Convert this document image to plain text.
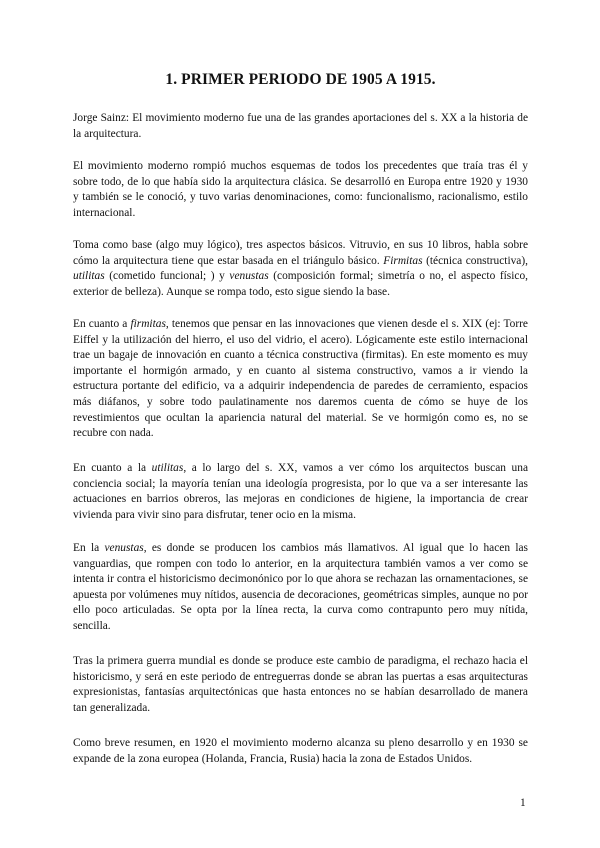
1. PRIMER PERIODO DE 1905 A 1915.

Jorge Sainz: El movimiento moderno fue una de las grandes aportaciones del s. XX a la historia de la arquitectura.

El movimiento moderno rompió muchos esquemas de todos los precedentes que traía tras él y sobre todo, de lo que había sido la arquitectura clásica. Se desarrolló en Europa entre 1920 y 1930 y también se le conoció, y tuvo varias denominaciones, como: funcionalismo, racionalismo, estilo internacional.

Toma como base (algo muy lógico), tres aspectos básicos. Vitruvio, en sus 10 libros, habla sobre cómo la arquitectura tiene que estar basada en el triángulo básico. Firmitas (técnica constructiva), utilitas (cometido funcional; ) y venustas (composición formal; simetría o no, el aspecto físico, exterior de belleza). Aunque se rompa todo, esto sigue siendo la base.

En cuanto a firmitas, tenemos que pensar en las innovaciones que vienen desde el s. XIX (ej: Torre Eiffel y la utilización del hierro, el uso del vidrio, el acero). Lógicamente este estilo internacional trae un bagaje de innovación en cuanto a técnica constructiva (firmitas). En este momento es muy importante el hormigón armado, y en cuanto al sistema constructivo, vamos a ir viendo la estructura portante del edificio, va a adquirir independencia de paredes de cerramiento, espacios más diáfanos, y sobre todo paulatinamente nos daremos cuenta de cómo se huye de los revestimientos que ocultan la apariencia natural del material. Se ve hormigón como es, no se recubre con nada.

En cuanto a la utilitas, a lo largo del s. XX, vamos a ver cómo los arquitectos buscan una conciencia social; la mayoría tenían una ideología progresista, por lo que va a ser interesante las actuaciones en barrios obreros, las mejoras en condiciones de higiene, la importancia de crear vivienda para vivir sino para disfrutar, tener ocio en la misma.

En la venustas, es donde se producen los cambios más llamativos. Al igual que lo hacen las vanguardias, que rompen con todo lo anterior, en la arquitectura también vamos a ver como se intenta ir contra el historicismo decimonónico por lo que ahora se rechazan las ornamentaciones, se apuesta por volúmenes muy nítidos, ausencia de decoraciones, geométricas simples, aunque no por ello poco articuladas. Se opta por la línea recta, la curva como contrapunto pero muy nítida, sencilla.

Tras la primera guerra mundial es donde se produce este cambio de paradigma, el rechazo hacia el historicismo, y será en este periodo de entreguerras donde se abran las puertas a esas arquitecturas expresionistas, fantasías arquitectónicas que hasta entonces no se habían desarrollado de manera tan generalizada.

Como breve resumen, en 1920 el movimiento moderno alcanza su pleno desarrollo y en 1930 se expande de la zona europea (Holanda, Francia, Rusia) hacia la zona de Estados Unidos.

1
